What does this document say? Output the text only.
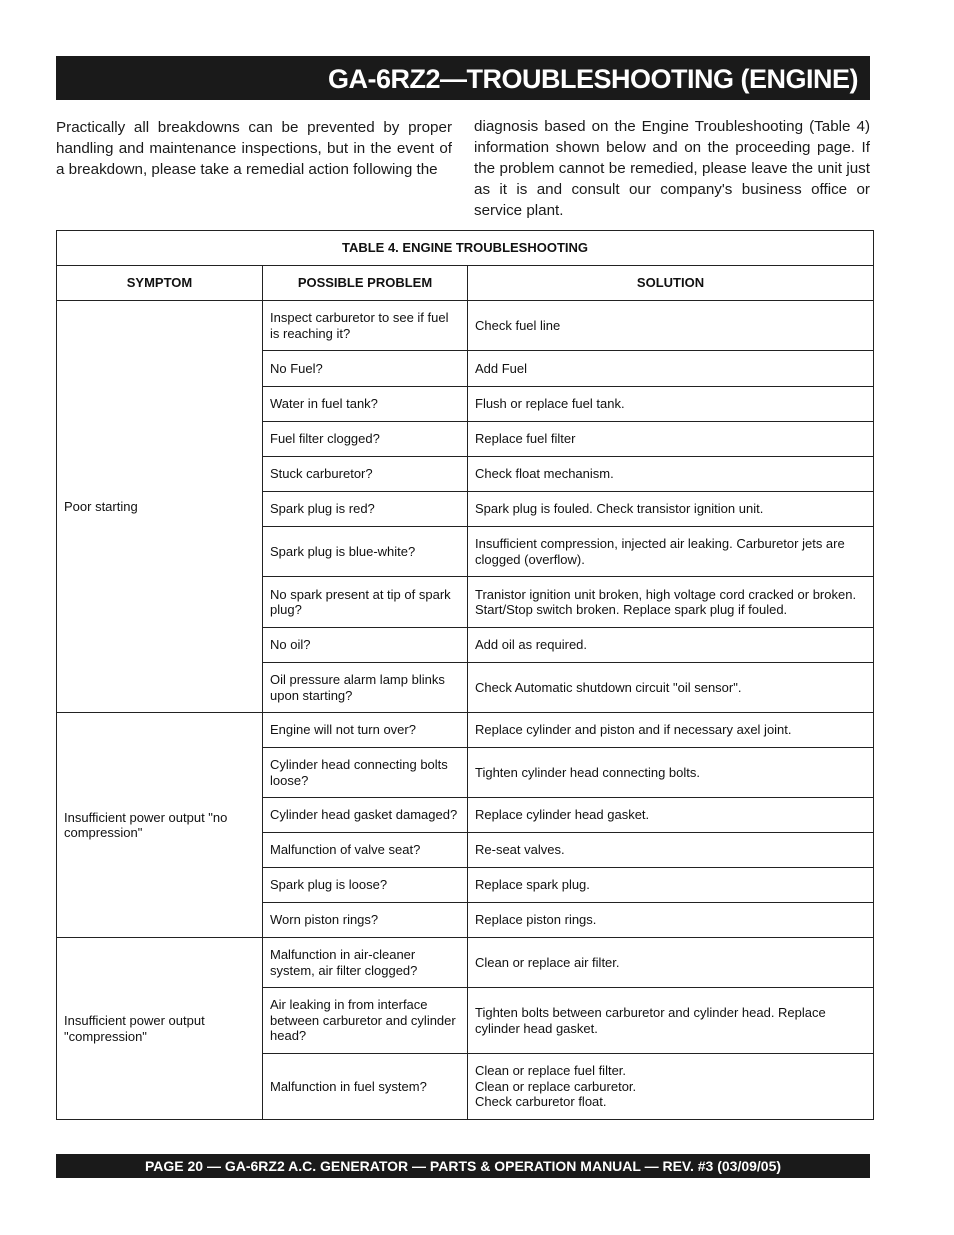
GA-6RZ2—TROUBLESHOOTING (ENGINE)

Practically all breakdowns can be prevented by proper handling and maintenance inspections, but in the event of a breakdown, please take a remedial action following the

diagnosis based on the Engine Troubleshooting (Table 4) information shown below and on the proceeding page. If the problem cannot be remedied, please leave the unit just as it is and consult our company's business office or service plant.

TABLE 4. ENGINE TROUBLESHOOTING		
SYMPTOM	POSSIBLE PROBLEM	SOLUTION
Poor starting	Inspect carburetor to see if fuel is reaching it?	Check fuel line

	No Fuel?	Add Fuel

	Water in fuel tank?	Flush or replace fuel tank.

	Fuel filter clogged?	Replace fuel filter

	Stuck carburetor?	Check float mechanism.

	Spark plug is red?	Spark plug is fouled. Check transistor ignition unit.

	Spark plug is blue-white?	Insufficient compression, injected air leaking. Carburetor jets are clogged (overflow).

	No spark present at tip of spark plug?	Tranistor ignition unit broken, high voltage cord cracked or broken. Start/Stop switch broken. Replace spark plug if fouled.

	No oil?	Add oil as required.

	Oil pressure alarm lamp blinks upon starting?	Check Automatic shutdown circuit "oil sensor".

Insufficient power output "no compression"	Engine will not turn over?	Replace cylinder and piston and if necessary axel joint.

	Cylinder head connecting bolts loose?	Tighten cylinder head connecting bolts.

	Cylinder head gasket damaged?	Replace cylinder head gasket.

	Malfunction of valve seat?	Re-seat valves.

	Spark plug is loose?	Replace spark plug.

	Worn piston rings?	Replace piston rings.

Insufficient power output "compression"	Malfunction in air-cleaner system, air filter clogged?	Clean or replace air filter.

	Air leaking in from interface between carburetor and cylinder head?	Tighten bolts between carburetor and cylinder head. Replace cylinder head gasket.

	Malfunction in fuel system?	Clean or replace fuel filter.
Clean or replace carburetor.
Check carburetor float.
PAGE 20 — GA-6RZ2 A.C. GENERATOR — PARTS & OPERATION MANUAL — REV. #3 (03/09/05)
